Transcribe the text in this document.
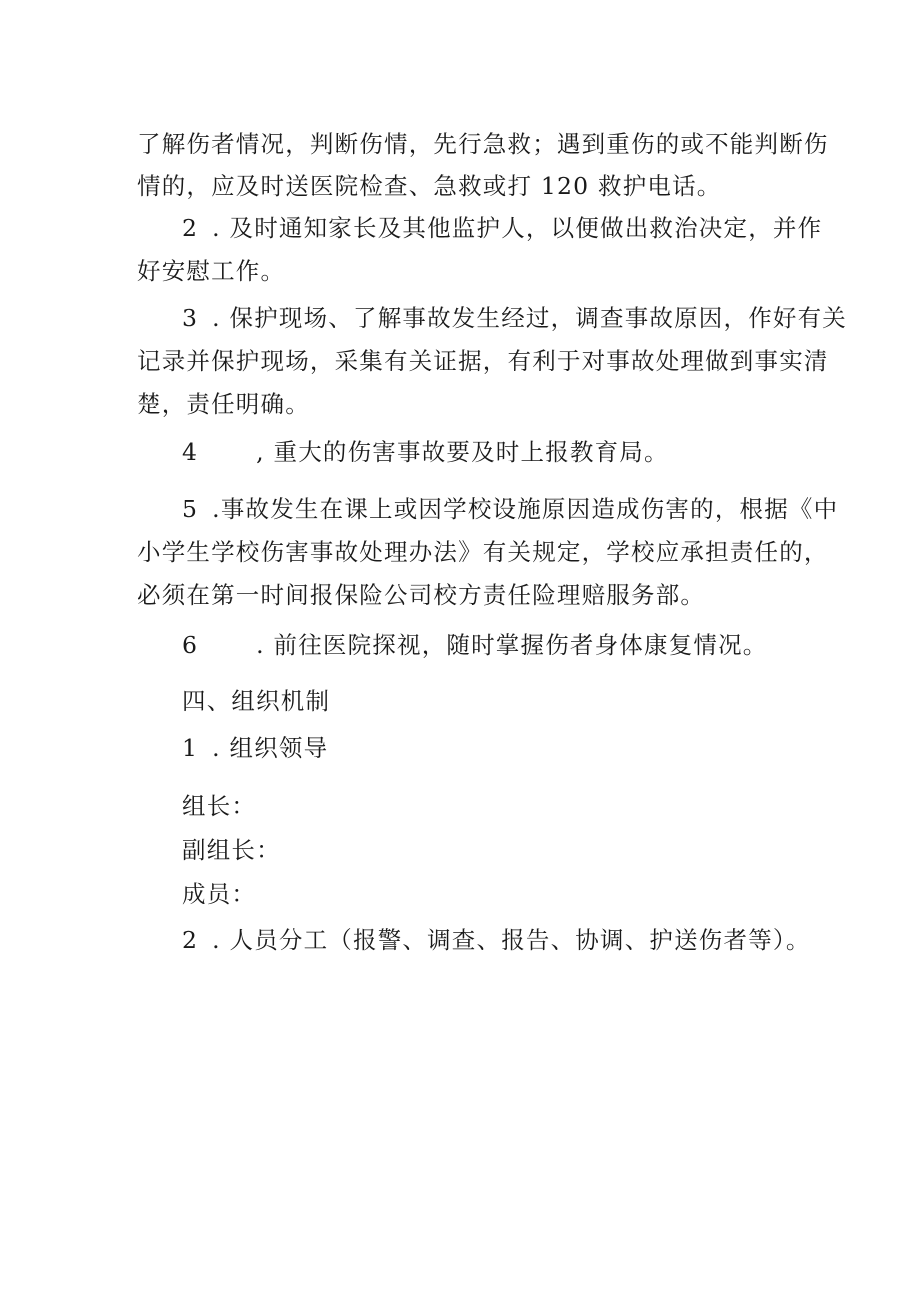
了解伤者情况，判断伤情，先行急救；遇到重伤的或不能判断伤
情的，应及时送医院检查、急救或打 120 救护电话。
2 . 及时通知家长及其他监护人，以便做出救治决定，并作
好安慰工作。
3 . 保护现场、了解事故发生经过，调查事故原因，作好有关
记录并保护现场，采集有关证据，有利于对事故处理做到事实清
楚，责任明确。
4 , 重大的伤害事故要及时上报教育局。
5 .事故发生在课上或因学校设施原因造成伤害的，根据《中
小学生学校伤害事故处理办法》有关规定，学校应承担责任的，
必须在第一时间报保险公司校方责任险理赔服务部。
6 . 前往医院探视，随时掌握伤者身体康复情况。
四、组织机制
1 . 组织领导
组长：
副组长：
成员：
2 . 人员分工（报警、调查、报告、协调、护送伤者等）。
